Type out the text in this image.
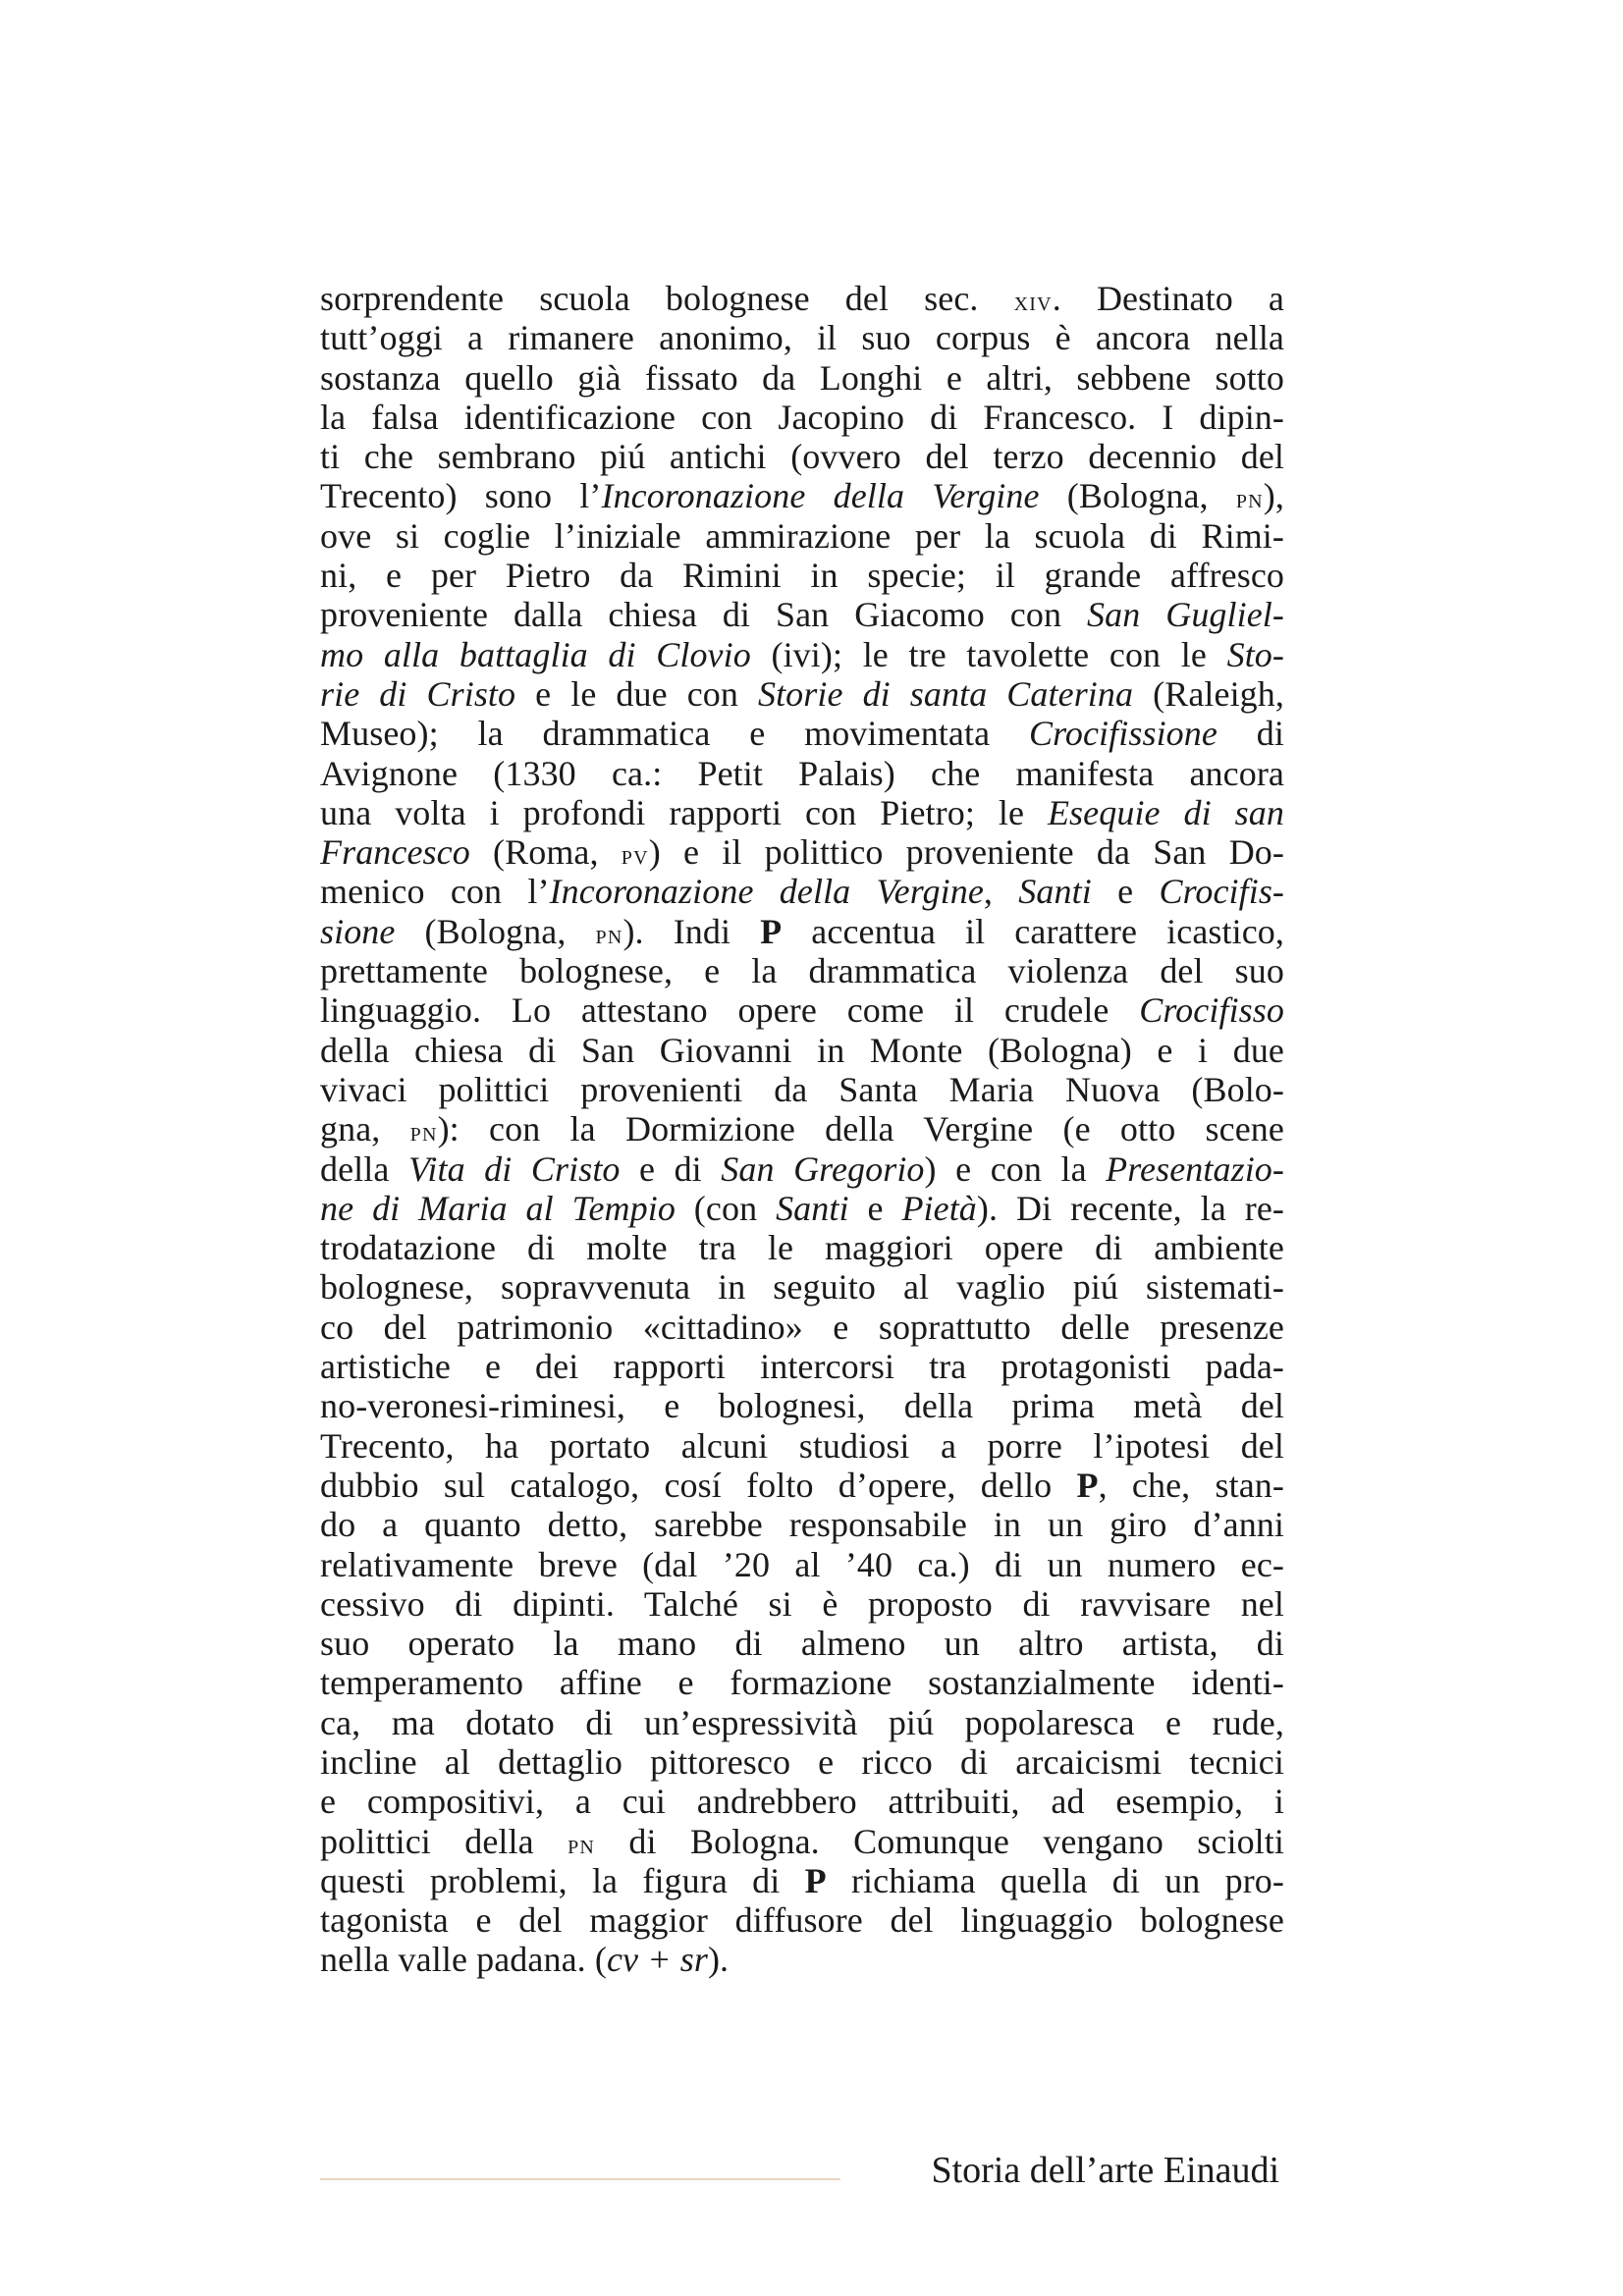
sorprendente scuola bolognese del sec. xiv. Destinato a
tutt’oggi a rimanere anonimo, il suo corpus è ancora nella
sostanza quello già fissato da Longhi e altri, sebbene sotto
la falsa identificazione con Jacopino di Francesco. I dipin-
ti che sembrano piú antichi (ovvero del terzo decennio del
Trecento) sono l’Incoronazione della Vergine (Bologna, pn),
ove si coglie l’iniziale ammirazione per la scuola di Rimi-
ni, e per Pietro da Rimini in specie; il grande affresco
proveniente dalla chiesa di San Giacomo con San Gugliel-
mo alla battaglia di Clovio (ivi); le tre tavolette con le Sto-
rie di Cristo e le due con Storie di santa Caterina (Raleigh,
Museo); la drammatica e movimentata Crocifissione di
Avignone (1330 ca.: Petit Palais) che manifesta ancora
una volta i profondi rapporti con Pietro; le Esequie di san
Francesco (Roma, pv) e il polittico proveniente da San Do-
menico con l’Incoronazione della Vergine, Santi e Crocifis-
sione (Bologna, pn). Indi P accentua il carattere icastico,
prettamente bolognese, e la drammatica violenza del suo
linguaggio. Lo attestano opere come il crudele Crocifisso
della chiesa di San Giovanni in Monte (Bologna) e i due
vivaci polittici provenienti da Santa Maria Nuova (Bolo-
gna, pn): con la Dormizione della Vergine (e otto scene
della Vita di Cristo e di San Gregorio) e con la Presentazio-
ne di Maria al Tempio (con Santi e Pietà). Di recente, la re-
trodatazione di molte tra le maggiori opere di ambiente
bolognese, sopravvenuta in seguito al vaglio piú sistemati-
co del patrimonio «cittadino» e soprattutto delle presenze
artistiche e dei rapporti intercorsi tra protagonisti pada-
no-veronesi-riminesi, e bolognesi, della prima metà del
Trecento, ha portato alcuni studiosi a porre l’ipotesi del
dubbio sul catalogo, cosí folto d’opere, dello P, che, stan-
do a quanto detto, sarebbe responsabile in un giro d’anni
relativamente breve (dal ’20 al ’40 ca.) di un numero ec-
cessivo di dipinti. Talché si è proposto di ravvisare nel
suo operato la mano di almeno un altro artista, di
temperamento affine e formazione sostanzialmente identi-
ca, ma dotato di un’espressività piú popolaresca e rude,
incline al dettaglio pittoresco e ricco di arcaicismi tecnici
e compositivi, a cui andrebbero attribuiti, ad esempio, i
polittici della pn di Bologna. Comunque vengano sciolti
questi problemi, la figura di P richiama quella di un pro-
tagonista e del maggior diffusore del linguaggio bolognese
nella valle padana. (cv + sr).
Storia dell’arte Einaudi
